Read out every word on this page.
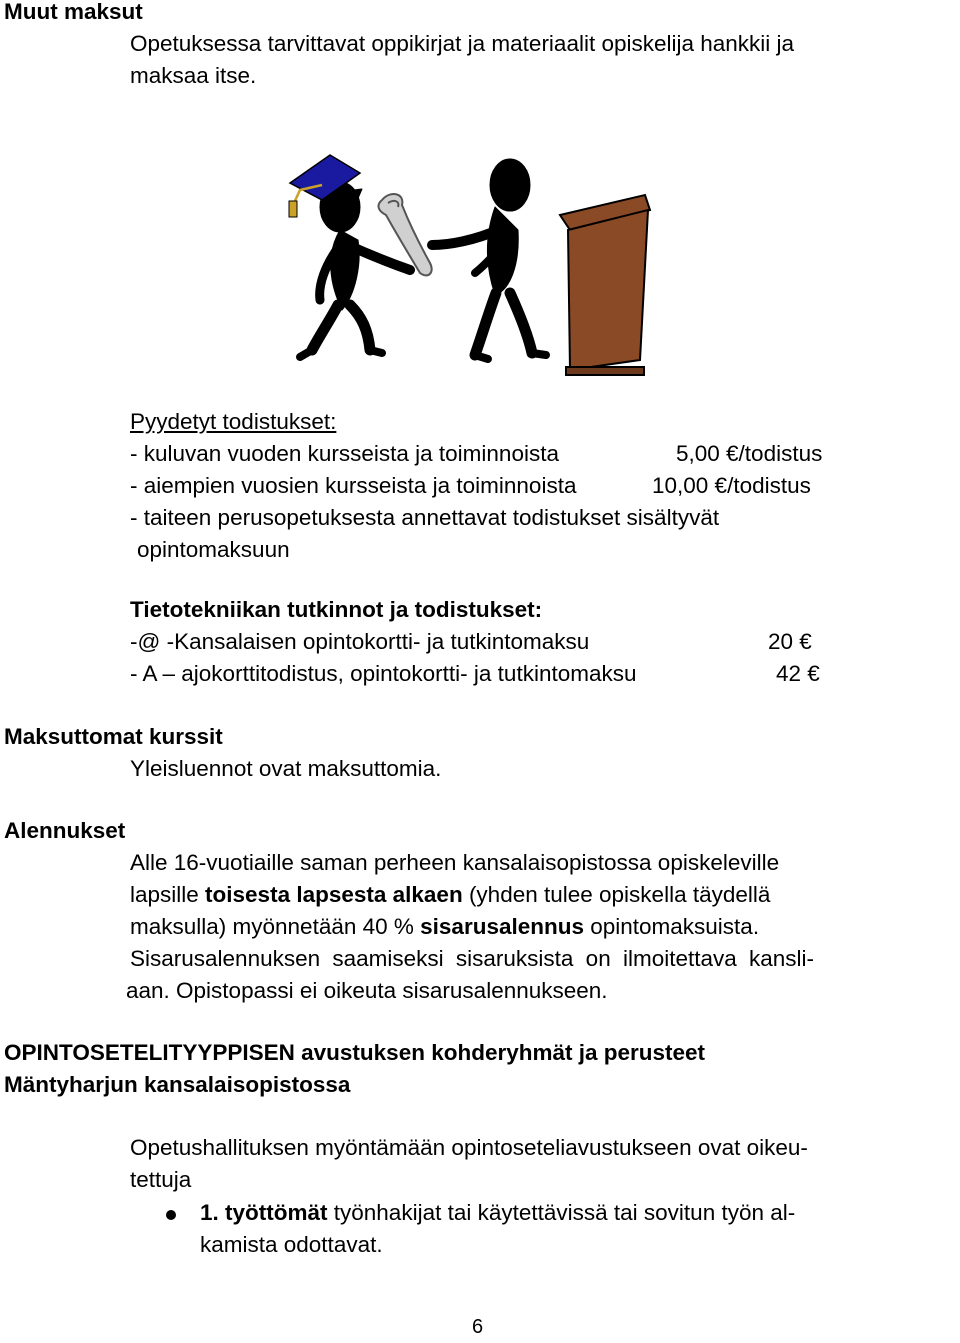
Muut maksut
Opetuksessa tarvittavat oppikirjat ja materiaalit opiskelija hankkii ja
maksaa itse.
Pyydetyt todistukset:
- kuluvan vuoden kursseista ja toiminnoista	5,00 €/todistus
- aiempien vuosien kursseista ja toiminnoista	10,00 €/todistus
- taiteen perusopetuksesta annettavat todistukset sisältyvät
opintomaksuun
Tietotekniikan tutkinnot ja todistukset:
-@ -Kansalaisen opintokortti- ja tutkintomaksu	20 €
- A – ajokorttitodistus, opintokortti- ja tutkintomaksu	42 €
Maksuttomat kurssit
Yleisluennot ovat maksuttomia.
Alennukset
Alle 16-vuotiaille saman perheen kansalaisopistossa opiskeleville
lapsille toisesta lapsesta alkaen (yhden tulee opiskella täydellä
maksulla) myönnetään 40 % sisarusalennus opintomaksuista.
Sisarusalennuksen saamiseksi sisaruksista on ilmoitettava kansli-
aan. Opistopassi ei oikeuta sisarusalennukseen.
OPINTOSETELITYYPPISEN avustuksen kohderyhmät ja perusteet
Mäntyharjun kansalaisopistossa
Opetushallituksen myöntämään opintoseteliavustukseen ovat oikeu-
tettuja
1. työttömät työnhakijat tai käytettävissä tai sovitun työn al-
kamista odottavat.
6
